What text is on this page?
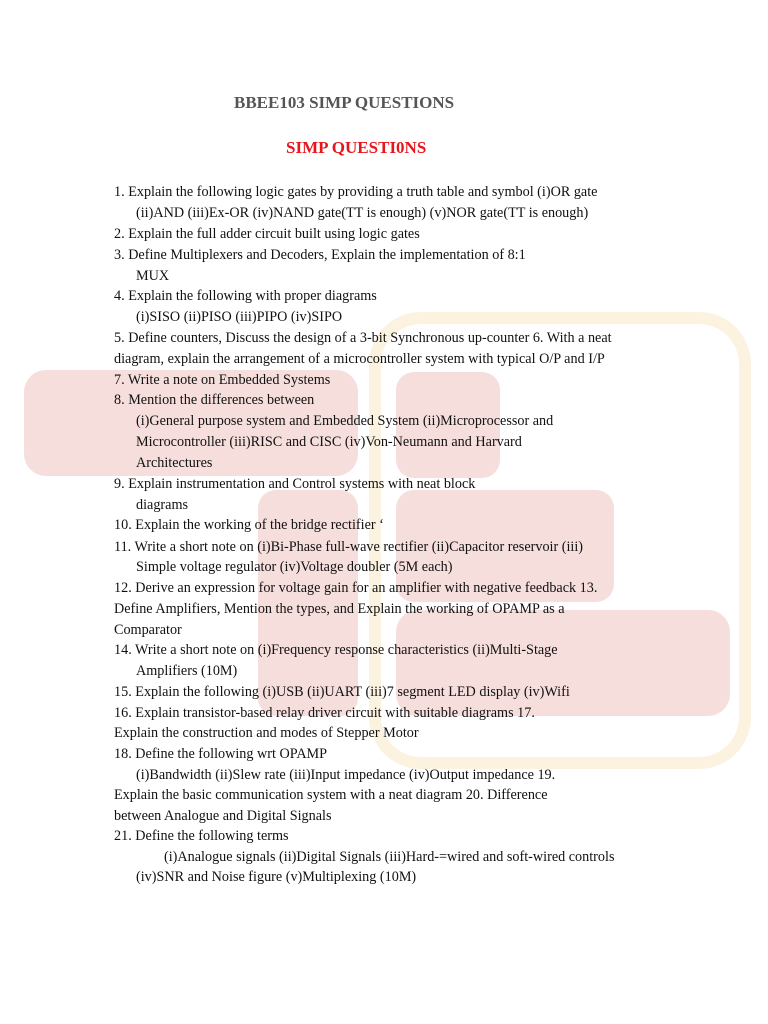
BBEE103 SIMP QUESTIONS
SIMP QUESTI0NS
1. Explain the following logic gates by providing a truth table and symbol (i)OR gate
(ii)AND (iii)Ex-OR (iv)NAND gate(TT is enough) (v)NOR gate(TT is enough)
2. Explain the full adder circuit built using logic gates
3. Define Multiplexers and Decoders, Explain the implementation of 8:1
MUX
4. Explain the following with proper diagrams
(i)SISO (ii)PISO (iii)PIPO (iv)SIPO
5. Define counters, Discuss the design of a 3-bit Synchronous up-counter 6. With a neat
diagram, explain the arrangement of a microcontroller system with typical O/P and I/P
7. Write a note on Embedded Systems
8. Mention the differences between
(i)General purpose system and Embedded System (ii)Microprocessor and
Microcontroller (iii)RISC and CISC (iv)Von-Neumann and Harvard
Architectures
9. Explain instrumentation and Control systems with neat block
diagrams
10. Explain the working of the bridge rectifier ‘
11. Write a short note on (i)Bi-Phase full-wave rectifier (ii)Capacitor reservoir (iii)
Simple voltage regulator (iv)Voltage doubler (5M each)
12. Derive an expression for voltage gain for an amplifier with negative feedback 13.
Define Amplifiers, Mention the types, and Explain the working of OPAMP as a
Comparator
14. Write a short note on (i)Frequency response characteristics (ii)Multi-Stage
Amplifiers (10M)
15. Explain the following (i)USB (ii)UART (iii)7 segment LED display (iv)Wifi
16. Explain transistor-based relay driver circuit with suitable diagrams 17.
Explain the construction and modes of Stepper Motor
18. Define the following wrt OPAMP
(i)Bandwidth (ii)Slew rate (iii)Input impedance (iv)Output impedance 19.
Explain the basic communication system with a neat diagram 20. Difference
between Analogue and Digital Signals
21. Define the following terms
(i)Analogue signals (ii)Digital Signals (iii)Hard-=wired and soft-wired controls
(iv)SNR and Noise figure (v)Multiplexing (10M)
